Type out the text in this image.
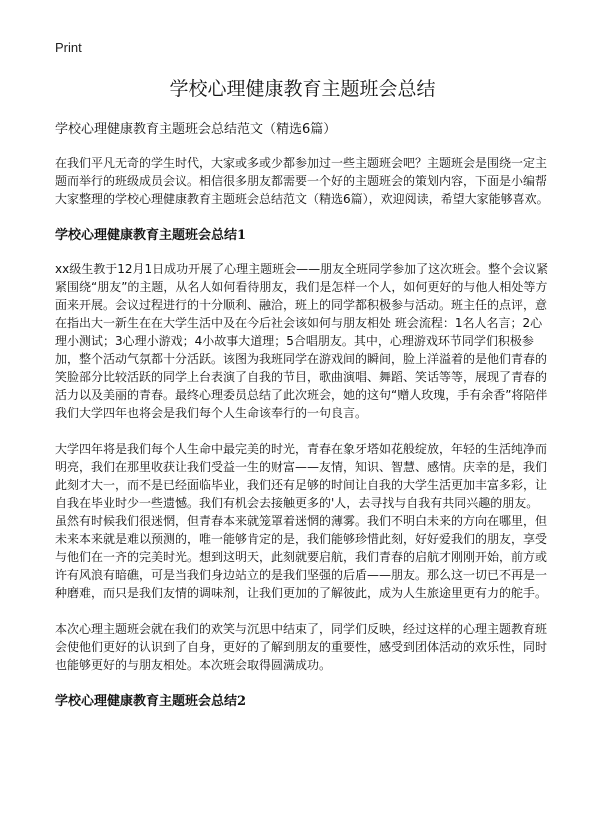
Print
学校心理健康教育主题班会总结

学校心理健康教育主题班会总结范文（精选6篇）

在我们平凡无奇的学生时代，大家或多或少都参加过一些主题班会吧？主题班会是围绕一定主题而举行的班级成员会议。相信很多朋友都需要一个好的主题班会的策划内容，下面是小编帮大家整理的学校心理健康教育主题班会总结范文（精选6篇），欢迎阅读，希望大家能够喜欢。

学校心理健康教育主题班会总结1

xx级生教于12月1日成功开展了心理主题班会——朋友全班同学参加了这次班会。整个会议紧紧围绕“朋友”的主题，从名人如何看待朋友，我们是怎样一个人，如何更好的与他人相处等方面来开展。会议过程进行的十分顺利、融洽，班上的同学都积极参与活动。班主任的点评，意在指出大一新生在在大学生活中及在今后社会该如何与朋友相处 班会流程：1名人名言；2心理小测试；3心理小游戏；4小故事大道理；5合唱朋友。其中，心理游戏环节同学们积极参加，整个活动气氛都十分活跃。该图为我班同学在游戏间的瞬间，脸上洋溢着的是他们青春的笑脸部分比较活跃的同学上台表演了自我的节目，歌曲演唱、舞蹈、笑话等等，展现了青春的活力以及美丽的青春。最终心理委员总结了此次班会，她的这句“赠人玫瑰，手有余香”将陪伴我们大学四年也将会是我们每个人生命该奉行的一句良言。

大学四年将是我们每个人生命中最完美的时光，青春在象牙塔如花般绽放，年轻的生活纯净而明亮，我们在那里收获让我们受益一生的财富——友情，知识、智慧、感情。庆幸的是，我们此刻才大一，而不是已经面临毕业，我们还有足够的时间让自我的大学生活更加丰富多彩，让自我在毕业时少一些遗憾。我们有机会去接触更多的'人，去寻找与自我有共同兴趣的朋友。虽然有时候我们很迷惘，但青春本来就笼罩着迷惘的薄雾。我们不明白未来的方向在哪里，但未来本来就是难以预测的，唯一能够肯定的是，我们能够珍惜此刻，好好爱我们的朋友，享受与他们在一齐的完美时光。想到这明天，此刻就要启航，我们青春的启航才刚刚开始，前方或许有风浪有暗礁，可是当我们身边站立的是我们坚强的后盾——朋友。那么这一切已不再是一种磨难，而只是我们友情的调味剂，让我们更加的了解彼此，成为人生旅途里更有力的舵手。

本次心理主题班会就在我们的欢笑与沉思中结束了，同学们反映，经过这样的心理主题教育班会使他们更好的认识到了自身，更好的了解到朋友的重要性，感受到团体活动的欢乐性，同时也能够更好的与朋友相处。本次班会取得圆满成功。

学校心理健康教育主题班会总结2
